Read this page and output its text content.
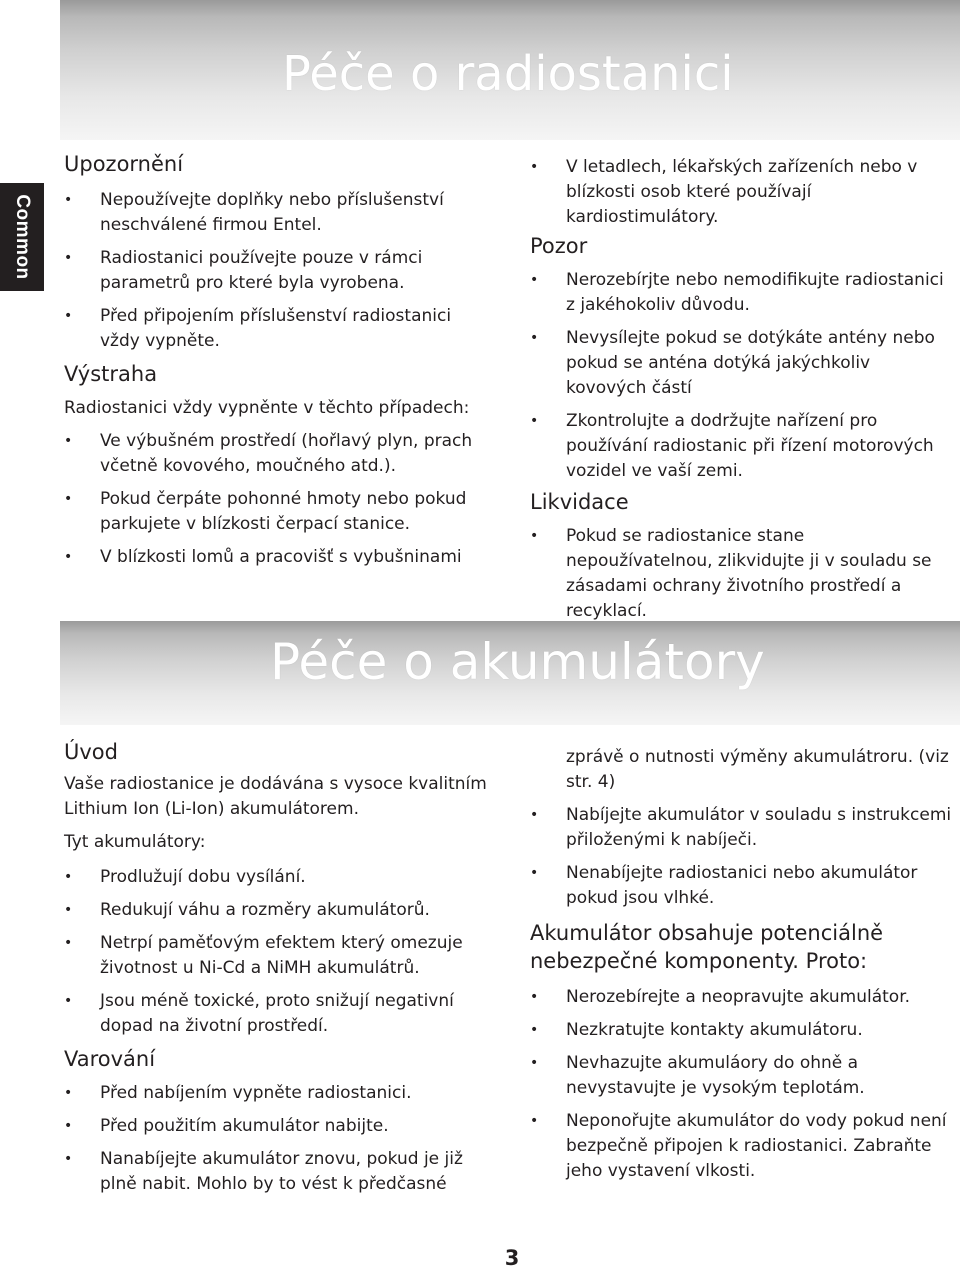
Common
Péče o radiostanici
Upozornění
• Nepoužívejte doplňky nebo příslušenství neschválené firmou Entel.
• Radiostanici používejte pouze v rámci parametrů pro které byla vyrobena.
• Před připojením příslušenství radiostanici vždy vypněte.
Výstraha

Radiostanici vždy vypněnte v těchto případech:

• Ve výbušném prostředí (hořlavý plyn, prach včetně kovového, moučného atd.).
• Pokud čerpáte pohonné hmoty nebo pokud parkujete v blízkosti čerpací stanice.
• V blízkosti lomů a pracovišť s vybušninami
• V letadlech, lékařských zařízeních nebo v blízkosti osob které používají kardiostimulátory.
Pozor
• Nerozebírjte nebo nemodifikujte radiostanici z jakéhokoliv důvodu.
• Nevysílejte pokud se dotýkáte antény nebo pokud se anténa dotýká jakýchkoliv kovových částí
• Zkontrolujte a dodržujte nařízení pro používání radiostanic při řízení motorových vozidel ve vaší zemi.
Likvidace
• Pokud se radiostanice stane nepoužívatelnou, zlikvidujte ji v souladu se zásadami ochrany životního prostředí a recyklací.
Péče o akumulátory
Úvod

Vaše radiostanice je dodávána s vysoce kvalitním Lithium Ion (Li-Ion) akumulátorem.

Tyt akumulátory:

• Prodlužují dobu vysílání.
• Redukují váhu a rozměry akumulátorů.
• Netrpí paměťovým efektem který omezuje životnost u Ni-Cd a NiMH akumulátrů.
• Jsou méně toxické, proto snižují negativní dopad na životní prostředí.
Varování
• Před nabíjením vypněte radiostanici.
• Před použitím akumulátor nabijte.
• Nanabíjejte akumulátor znovu, pokud je již plně nabit. Mohlo by to vést k předčasné

zprávě o nutnosti výměny akumulátroru. (viz str. 4)

• Nabíjejte akumulátor v souladu s instrukcemi přiloženými k nabíječi.
• Nenabíjejte radiostanici nebo akumulátor pokud jsou vlhké.
Akumulátor obsahuje potenciálně nebezpečné komponenty. Proto:
• Nerozebírejte a neopravujte akumulátor.
• Nezkratujte kontakty akumulátoru.
• Nevhazujte akumuláory do ohně a nevystavujte je vysokým teplotám.
• Neponořujte akumulátor do vody pokud není bezpečně připojen k radiostanici. Zabraňte jeho vystavení vlkosti.
3
